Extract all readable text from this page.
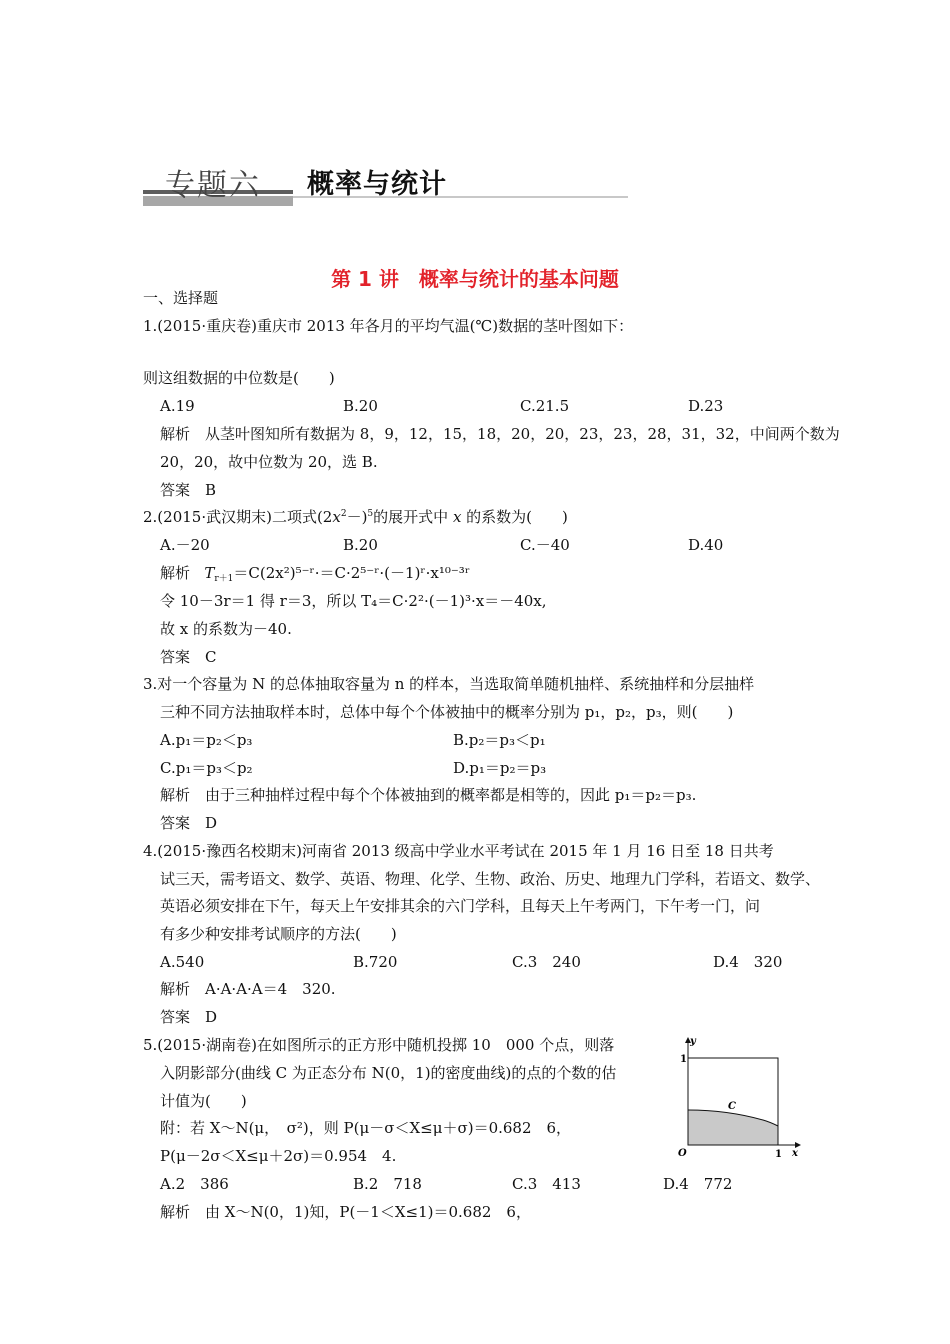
专题六 概率与统计
第 1 讲　概率与统计的基本问题
一、选择题
1.(2015·重庆卷)重庆市 2013 年各月的平均气温(℃)数据的茎叶图如下：
则这组数据的中位数是(　　)
A.19	B.20	C.21.5	D.23
解析　从茎叶图知所有数据为 8，9，12，15，18，20，20，23，23，28，31，32，中间两个数为
20，20，故中位数为 20，选 B.
答案　B
2.(2015·武汉期末)二项式$(2x^2-)^5$的展开式中 x 的系数为(　　)
A.－20	B.20	C.－40	D.40
解析 $T_{r+1}=C(2x^2)^{5-}ʳ\cdot=C\cdot 2^{5-}ʳ\cdot(-1)ʳ\cdot x^{10-3}ʳ$
令 10－3r＝1 得 r＝3，所以 T₄＝C·2²·(－1)³·x＝－40x,
故 x 的系数为－40.
答案　C
3.对一个容量为 N 的总体抽取容量为 n 的样本，当选取简单随机抽样、系统抽样和分层抽样
三种不同方法抽取样本时，总体中每个个体被抽中的概率分别为 p₁，p₂，p₃，则(　　)
A.p₁＝p₂＜p₃	B.p₂＝p₃＜p₁
C.p₁＝p₃＜p₂	D.p₁＝p₂＝p₃
解析　由于三种抽样过程中每个个体被抽到的概率都是相等的，因此 p₁＝p₂＝p₃.
答案　D
4.(2015·豫西名校期末)河南省 2013 级高中学业水平考试在 2015 年 1 月 16 日至 18 日共考
试三天，需考语文、数学、英语、物理、化学、生物、政治、历史、地理九门学科，若语文、数学、
英语必须安排在下午，每天上午安排其余的六门学科，且每天上午考两门，下午考一门，问
有多少种安排考试顺序的方法(　　)
A.540	B.720	C.3　240	D.4　320
解析　A·A·A·A＝4　320.
答案　D
5.(2015·湖南卷)在如图所示的正方形中随机投掷 10　000 个点，则落
入阴影部分(曲线 C 为正态分布 N(0，1)的密度曲线)的点的个数的估
计值为(　　)
附：若 X～N(μ，　σ²)，则 P(μ－σ＜X≤μ＋σ)＝0.682　6，
P(μ－2σ＜X≤μ＋2σ)＝0.954　4.
A.2　386	B.2　718	C.3　413	D.4　772
解析　由 X～N(0，1)知，P(－1＜X≤1)＝0.682　6，
y
x
1
1
O
C
